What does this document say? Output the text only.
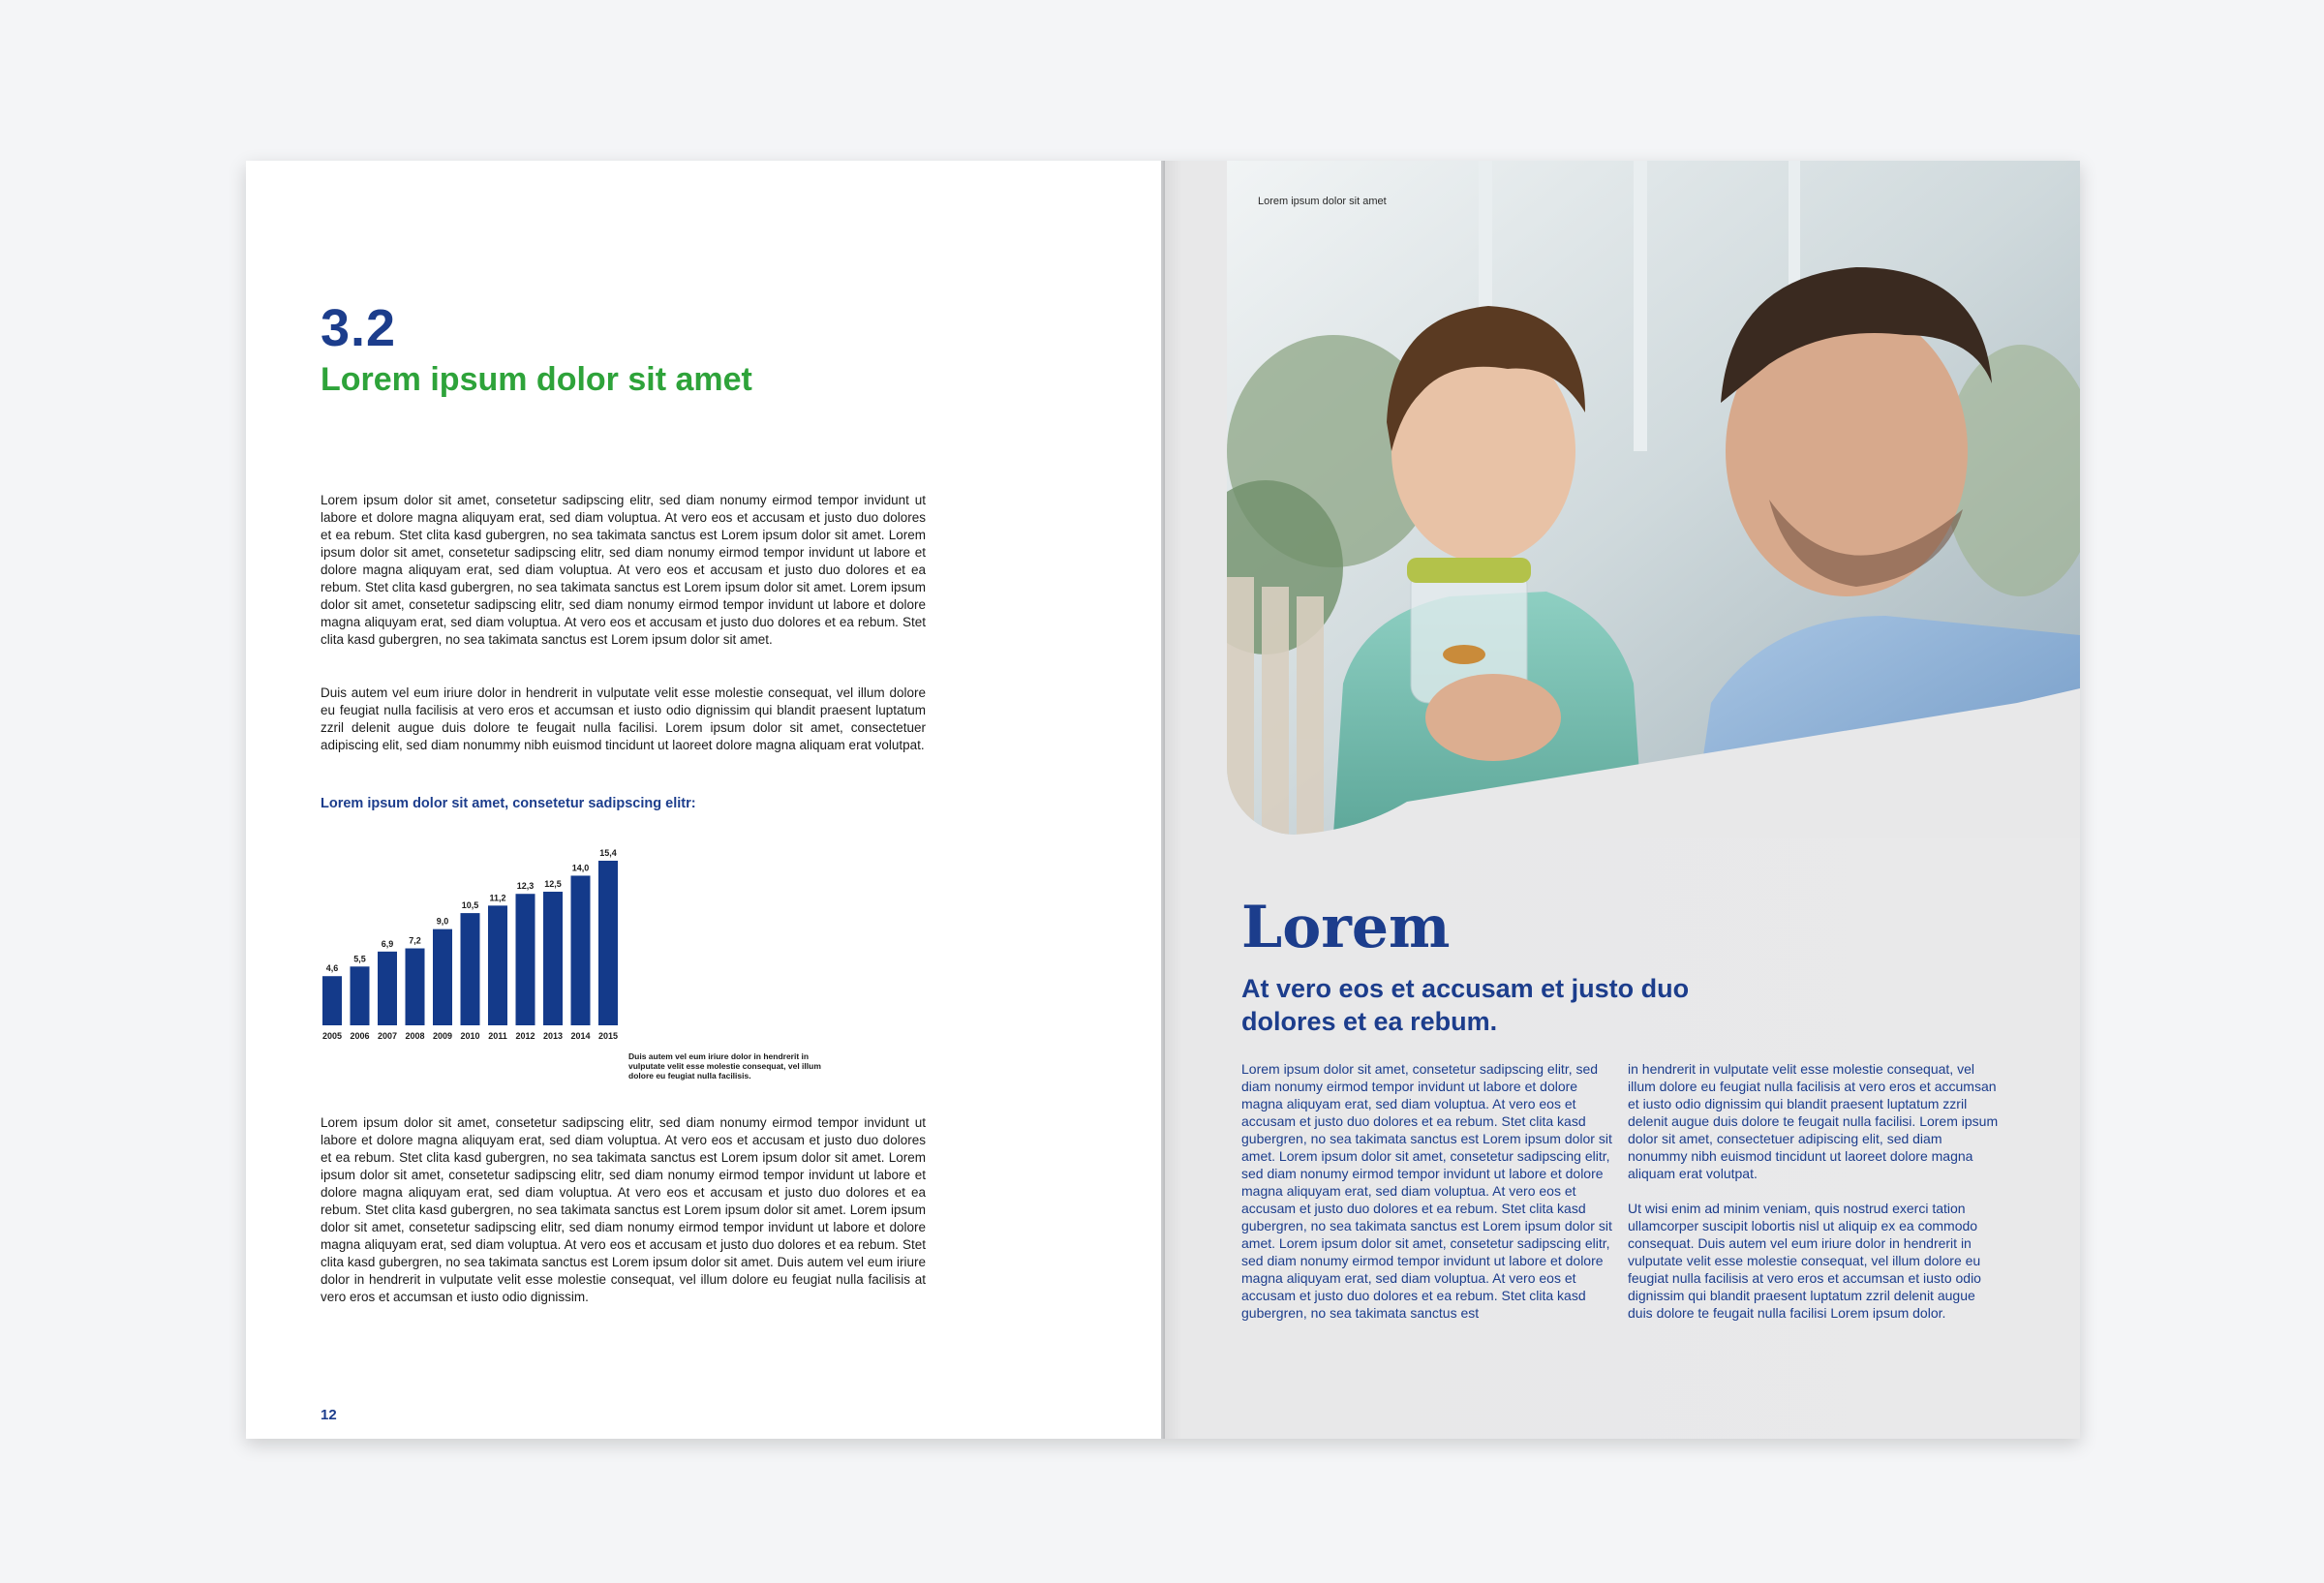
3.2
Lorem ipsum dolor sit amet

Lorem ipsum dolor sit amet, consetetur sadipscing elitr, sed diam nonumy eirmod tempor invidunt ut labore et dolore magna aliquyam erat, sed diam voluptua. At vero eos et accusam et justo duo dolores et ea rebum. Stet clita kasd gubergren, no sea takimata sanctus est Lorem ipsum dolor sit amet. Lorem ipsum dolor sit amet, consetetur sadipscing elitr, sed diam nonumy eirmod tempor invidunt ut labore et dolore magna aliquyam erat, sed diam voluptua. At vero eos et accusam et justo duo dolores et ea rebum. Stet clita kasd gubergren, no sea takimata sanctus est Lorem ipsum dolor sit amet. Lorem ipsum dolor sit amet, consetetur sadipscing elitr, sed diam nonumy eirmod tempor invidunt ut labore et dolore magna aliquyam erat, sed diam voluptua. At vero eos et accusam et justo duo dolores et ea rebum. Stet clita kasd gubergren, no sea takimata sanctus est Lorem ipsum dolor sit amet.

Duis autem vel eum iriure dolor in hendrerit in vulputate velit esse molestie consequat, vel illum dolore eu feugiat nulla facilisis at vero eros et accumsan et iusto odio dignissim qui blandit praesent luptatum zzril delenit augue duis dolore te feugait nulla facilisi. Lorem ipsum dolor sit amet, consectetuer adipiscing elit, sed diam nonummy nibh euismod tincidunt ut laoreet dolore magna aliquam erat volutpat.

Lorem ipsum dolor sit amet, consetetur sadipscing elitr:
4,6
2005
5,5
2006
6,9
2007
7,2
2008
9,0
2009
10,5
2010
11,2
2011
12,3
2012
12,5
2013
14,0
2014
15,4
2015
Duis autem vel eum iriure dolor in hendrerit in vulputate velit esse molestie consequat, vel illum dolore eu feugiat nulla facilisis.

Lorem ipsum dolor sit amet, consetetur sadipscing elitr, sed diam nonumy eirmod tempor invidunt ut labore et dolore magna aliquyam erat, sed diam voluptua. At vero eos et accusam et justo duo dolores et ea rebum. Stet clita kasd gubergren, no sea takimata sanctus est Lorem ipsum dolor sit amet. Lorem ipsum dolor sit amet, consetetur sadipscing elitr, sed diam nonumy eirmod tempor invidunt ut labore et dolore magna aliquyam erat, sed diam voluptua. At vero eos et accusam et justo duo dolores et ea rebum. Stet clita kasd gubergren, no sea takimata sanctus est Lorem ipsum dolor sit amet. Lorem ipsum dolor sit amet, consetetur sadipscing elitr, sed diam nonumy eirmod tempor invidunt ut labore et dolore magna aliquyam erat, sed diam voluptua. At vero eos et accusam et justo duo dolores et ea rebum. Stet clita kasd gubergren, no sea takimata sanctus est Lorem ipsum dolor sit amet. Duis autem vel eum iriure dolor in hendrerit in vulputate velit esse molestie consequat, vel illum dolore eu feugiat nulla facilisis at vero eros et accumsan et iusto odio dignissim.

12
Lorem ipsum dolor sit amet
Lorem
At vero eos et accusam et justo duo dolores et ea rebum.

Lorem ipsum dolor sit amet, consetetur sadipscing elitr, sed diam nonumy eirmod tempor invidunt ut labore et dolore magna aliquyam erat, sed diam voluptua. At vero eos et accusam et justo duo dolores et ea rebum. Stet clita kasd gubergren, no sea takimata sanctus est Lorem ipsum dolor sit amet. Lorem ipsum dolor sit amet, consetetur sadipscing elitr, sed diam nonumy eirmod tempor invidunt ut labore et dolore magna aliquyam erat, sed diam voluptua. At vero eos et accusam et justo duo dolores et ea rebum. Stet clita kasd gubergren, no sea takimata sanctus est Lorem ipsum dolor sit amet. Lorem ipsum dolor sit amet, consetetur sadipscing elitr, sed diam nonumy eirmod tempor invidunt ut labore et dolore magna aliquyam erat, sed diam voluptua. At vero eos et accusam et justo duo dolores et ea rebum. Stet clita kasd gubergren, no sea takimata sanctus est

in hendrerit in vulputate velit esse molestie consequat, vel illum dolore eu feugiat nulla facilisis at vero eros et accumsan et iusto odio dignissim qui blandit praesent luptatum zzril delenit augue duis dolore te feugait nulla facilisi. Lorem ipsum dolor sit amet, consectetuer adipiscing elit, sed diam nonummy nibh euismod tincidunt ut laoreet dolore magna aliquam erat volutpat.

Ut wisi enim ad minim veniam, quis nostrud exerci tation ullamcorper suscipit lobortis nisl ut aliquip ex ea commodo consequat. Duis autem vel eum iriure dolor in hendrerit in vulputate velit esse molestie consequat, vel illum dolore eu feugiat nulla facilisis at vero eros et accumsan et iusto odio dignissim qui blandit praesent luptatum zzril delenit augue duis dolore te feugait nulla facilisi Lorem ipsum dolor.
